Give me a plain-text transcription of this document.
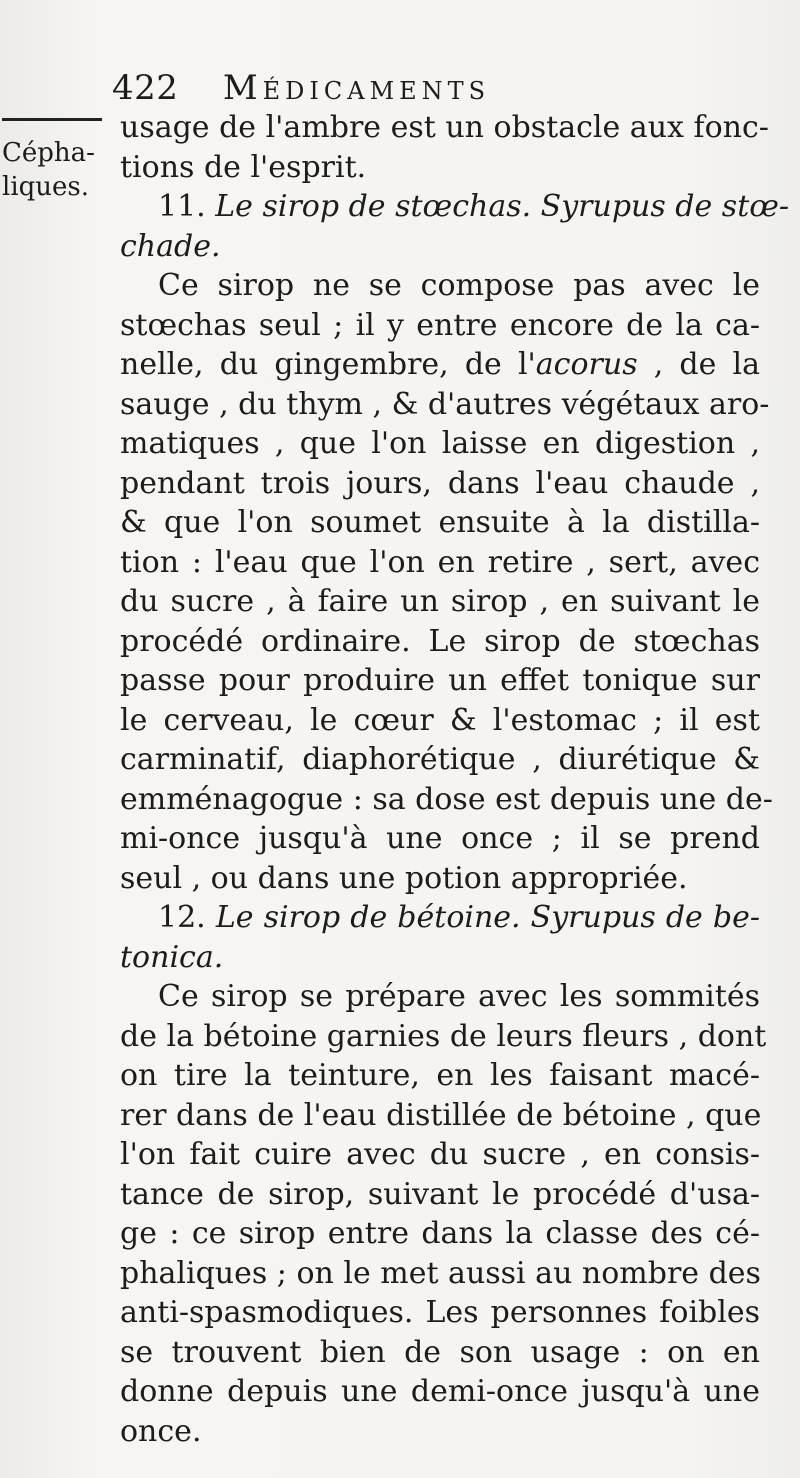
422 Médicaments
Cépha-
liques.
usage de l'ambre est un obstacle aux fonc-
tions de l'esprit.
11. Le sirop de stœchas. Syrupus de stœ-
chade.
Ce sirop ne se compose pas avec le
stœchas seul ; il y entre encore de la ca-
nelle, du gingembre, de l'acorus , de la
sauge , du thym , & d'autres végétaux aro-
matiques , que l'on laisse en digestion ,
pendant trois jours, dans l'eau chaude ,
& que l'on soumet ensuite à la distilla-
tion : l'eau que l'on en retire , sert, avec
du sucre , à faire un sirop , en suivant le
procédé ordinaire. Le sirop de stœchas
passe pour produire un effet tonique sur
le cerveau, le cœur & l'estomac ; il est
carminatif, diaphorétique , diurétique &
emménagogue : sa dose est depuis une de-
mi-once jusqu'à une once ; il se prend
seul , ou dans une potion appropriée.
12. Le sirop de bétoine. Syrupus de be-
tonica.
Ce sirop se prépare avec les sommités
de la bétoine garnies de leurs fleurs , dont
on tire la teinture, en les faisant macé-
rer dans de l'eau distillée de bétoine , que
l'on fait cuire avec du sucre , en consis-
tance de sirop, suivant le procédé d'usa-
ge : ce sirop entre dans la classe des cé-
phaliques ; on le met aussi au nombre des
anti-spasmodiques. Les personnes foibles
se trouvent bien de son usage : on en
donne depuis une demi-once jusqu'à une
once.
